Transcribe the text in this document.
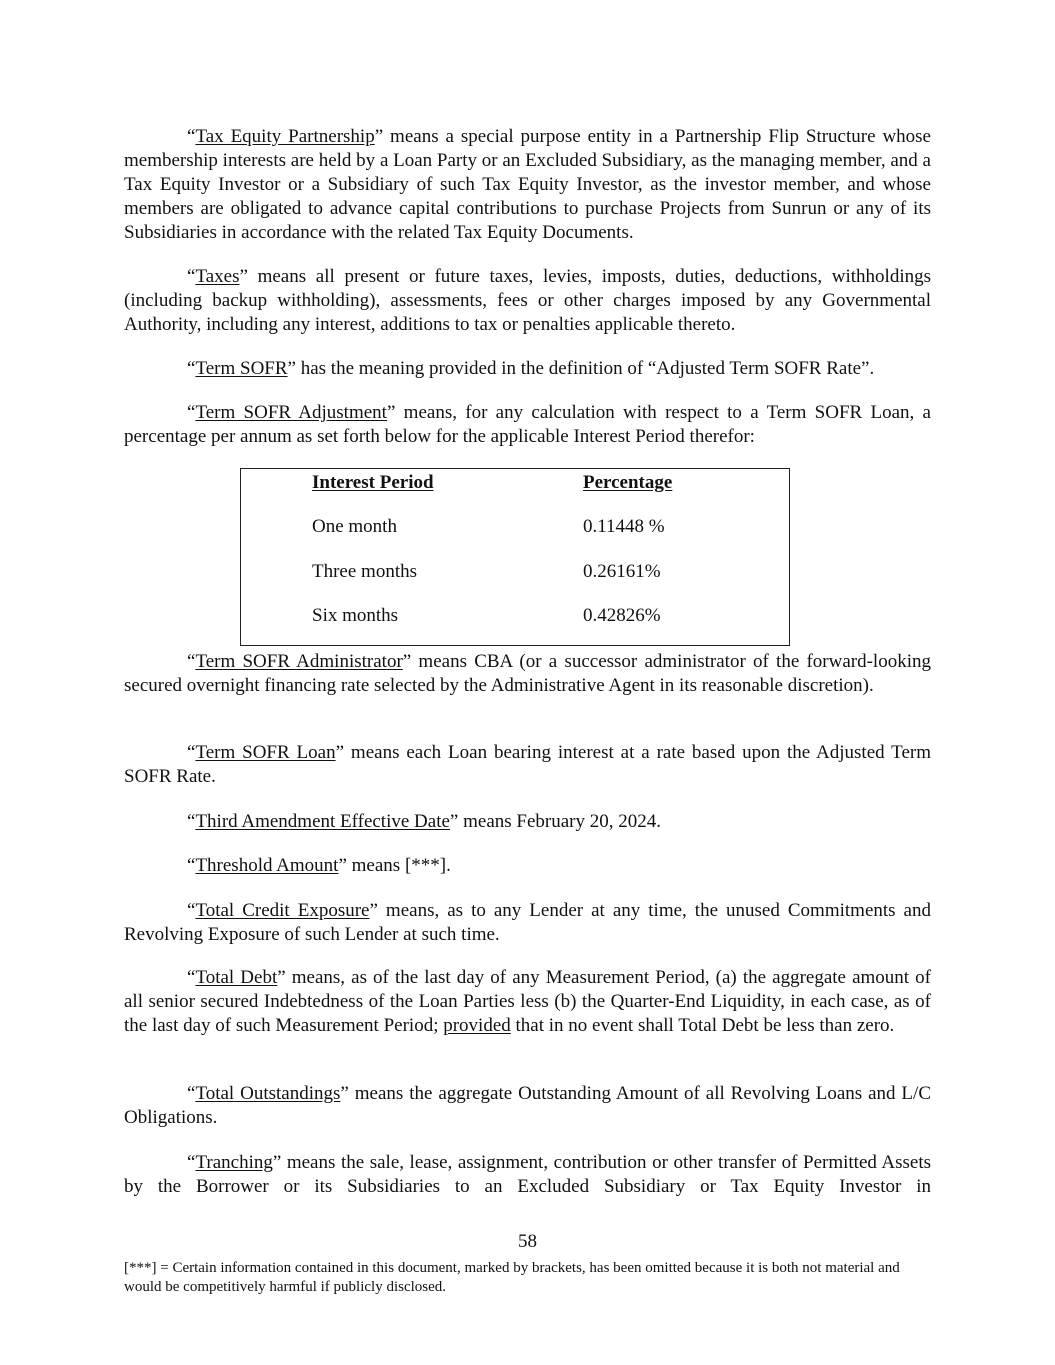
“Tax Equity Partnership” means a special purpose entity in a Partnership Flip Structure whose membership interests are held by a Loan Party or an Excluded Subsidiary, as the managing member, and a Tax Equity Investor or a Subsidiary of such Tax Equity Investor, as the investor member, and whose members are obligated to advance capital contributions to purchase Projects from Sunrun or any of its Subsidiaries in accordance with the related Tax Equity Documents.

“Taxes” means all present or future taxes, levies, imposts, duties, deductions, withholdings (including backup withholding), assessments, fees or other charges imposed by any Governmental Authority, including any interest, additions to tax or penalties applicable thereto.

“Term SOFR” has the meaning provided in the definition of “Adjusted Term SOFR Rate”.

“Term SOFR Adjustment” means, for any calculation with respect to a Term SOFR Loan, a percentage per annum as set forth below for the applicable Interest Period therefor:

Interest Period	Percentage
One month	0.11448 %
Three months	0.26161%
Six months	0.42826%

“Term SOFR Administrator” means CBA (or a successor administrator of the forward-looking secured overnight financing rate selected by the Administrative Agent in its reasonable discretion).

“Term SOFR Loan” means each Loan bearing interest at a rate based upon the Adjusted Term SOFR Rate.

“Third Amendment Effective Date” means February 20, 2024.

“Threshold Amount” means [***].

“Total Credit Exposure” means, as to any Lender at any time, the unused Commitments and Revolving Exposure of such Lender at such time.

“Total Debt” means, as of the last day of any Measurement Period, (a) the aggregate amount of all senior secured Indebtedness of the Loan Parties less (b) the Quarter-End Liquidity, in each case, as of the last day of such Measurement Period; provided that in no event shall Total Debt be less than zero.

“Total Outstandings” means the aggregate Outstanding Amount of all Revolving Loans and L/C Obligations.

“Tranching” means the sale, lease, assignment, contribution or other transfer of Permitted Assets by the Borrower or its Subsidiaries to an Excluded Subsidiary or Tax Equity Investor in

58
[***] = Certain information contained in this document, marked by brackets, has been omitted because it is both not material and would be competitively harmful if publicly disclosed.
